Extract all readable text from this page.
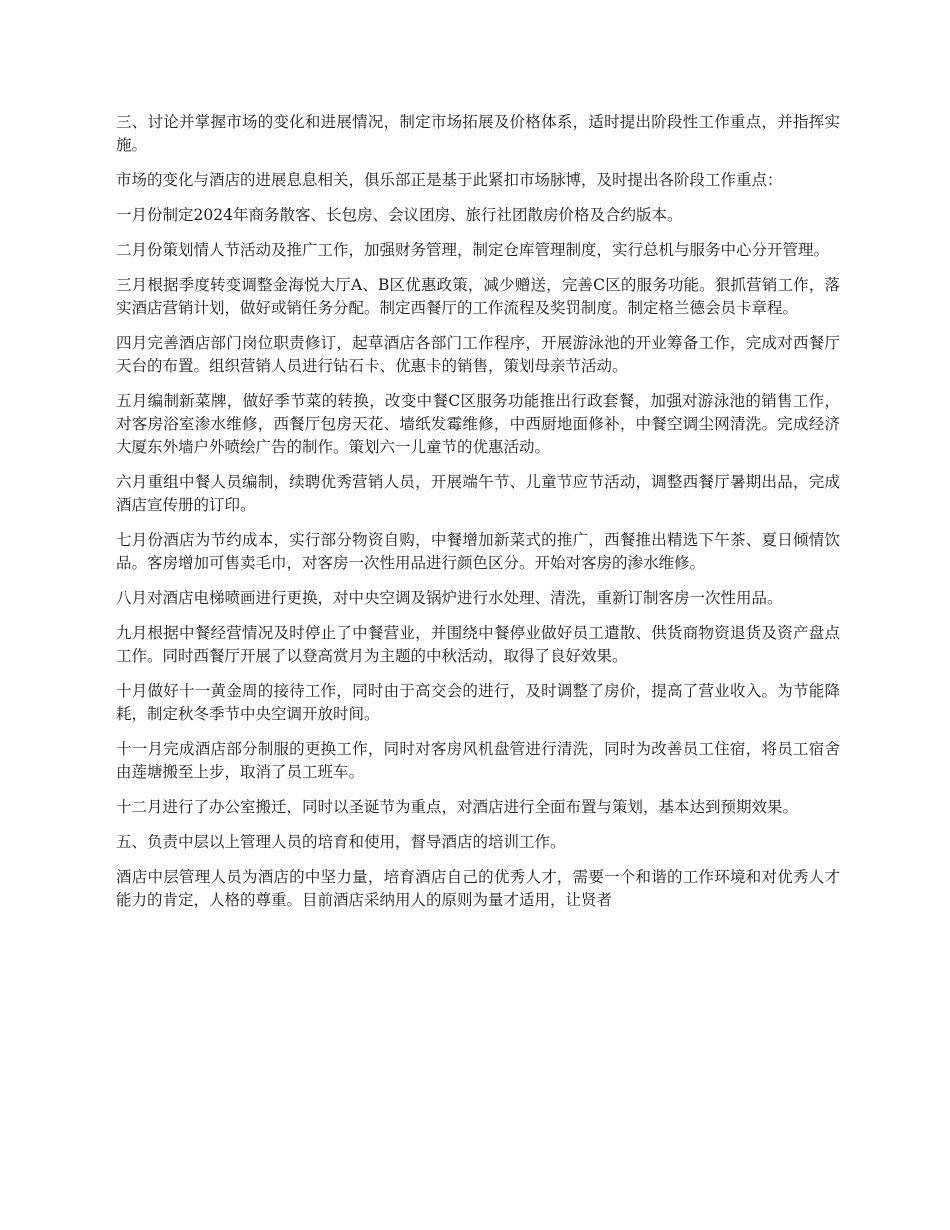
三、讨论并掌握市场的变化和进展情况，制定市场拓展及价格体系，适时提出阶段性工作重点，并指挥实施。

市场的变化与酒店的进展息息相关，俱乐部正是基于此紧扣市场脉博，及时提出各阶段工作重点：

一月份制定2024年商务散客、长包房、会议团房、旅行社团散房价格及合约版本。

二月份策划情人节活动及推广工作，加强财务管理，制定仓库管理制度，实行总机与服务中心分开管理。

三月根据季度转变调整金海悦大厅A、B区优惠政策，减少赠送，完善C区的服务功能。狠抓营销工作，落实酒店营销计划，做好或销任务分配。制定西餐厅的工作流程及奖罚制度。制定格兰德会员卡章程。

四月完善酒店部门岗位职责修订，起草酒店各部门工作程序，开展游泳池的开业筹备工作，完成对西餐厅天台的布置。组织营销人员进行钻石卡、优惠卡的销售，策划母亲节活动。

五月编制新菜牌，做好季节菜的转换，改变中餐C区服务功能推出行政套餐，加强对游泳池的销售工作，对客房浴室渗水维修，西餐厅包房天花、墙纸发霉维修，中西厨地面修补，中餐空调尘网清洗。完成经济大厦东外墙户外喷绘广告的制作。策划六一儿童节的优惠活动。

六月重组中餐人员编制，续聘优秀营销人员，开展端午节、儿童节应节活动，调整西餐厅暑期出品，完成酒店宣传册的订印。

七月份酒店为节约成本，实行部分物资自购，中餐增加新菜式的推广，西餐推出精选下午茶、夏日倾情饮品。客房增加可售卖毛巾，对客房一次性用品进行颜色区分。开始对客房的渗水维修。

八月对酒店电梯喷画进行更换，对中央空调及锅炉进行水处理、清洗，重新订制客房一次性用品。

九月根据中餐经营情况及时停止了中餐营业，并围绕中餐停业做好员工遣散、供货商物资退货及资产盘点工作。同时西餐厅开展了以登高赏月为主题的中秋活动，取得了良好效果。

十月做好十一黄金周的接待工作，同时由于高交会的进行，及时调整了房价，提高了营业收入。为节能降耗，制定秋冬季节中央空调开放时间。

十一月完成酒店部分制服的更换工作，同时对客房风机盘管进行清洗，同时为改善员工住宿，将员工宿舍由莲塘搬至上步，取消了员工班车。

十二月进行了办公室搬迁，同时以圣诞节为重点，对酒店进行全面布置与策划，基本达到预期效果。

五、负责中层以上管理人员的培育和使用，督导酒店的培训工作。

酒店中层管理人员为酒店的中坚力量，培育酒店自己的优秀人才，需要一个和谐的工作环境和对优秀人才能力的肯定，人格的尊重。目前酒店采纳用人的原则为量才适用，让贤者
